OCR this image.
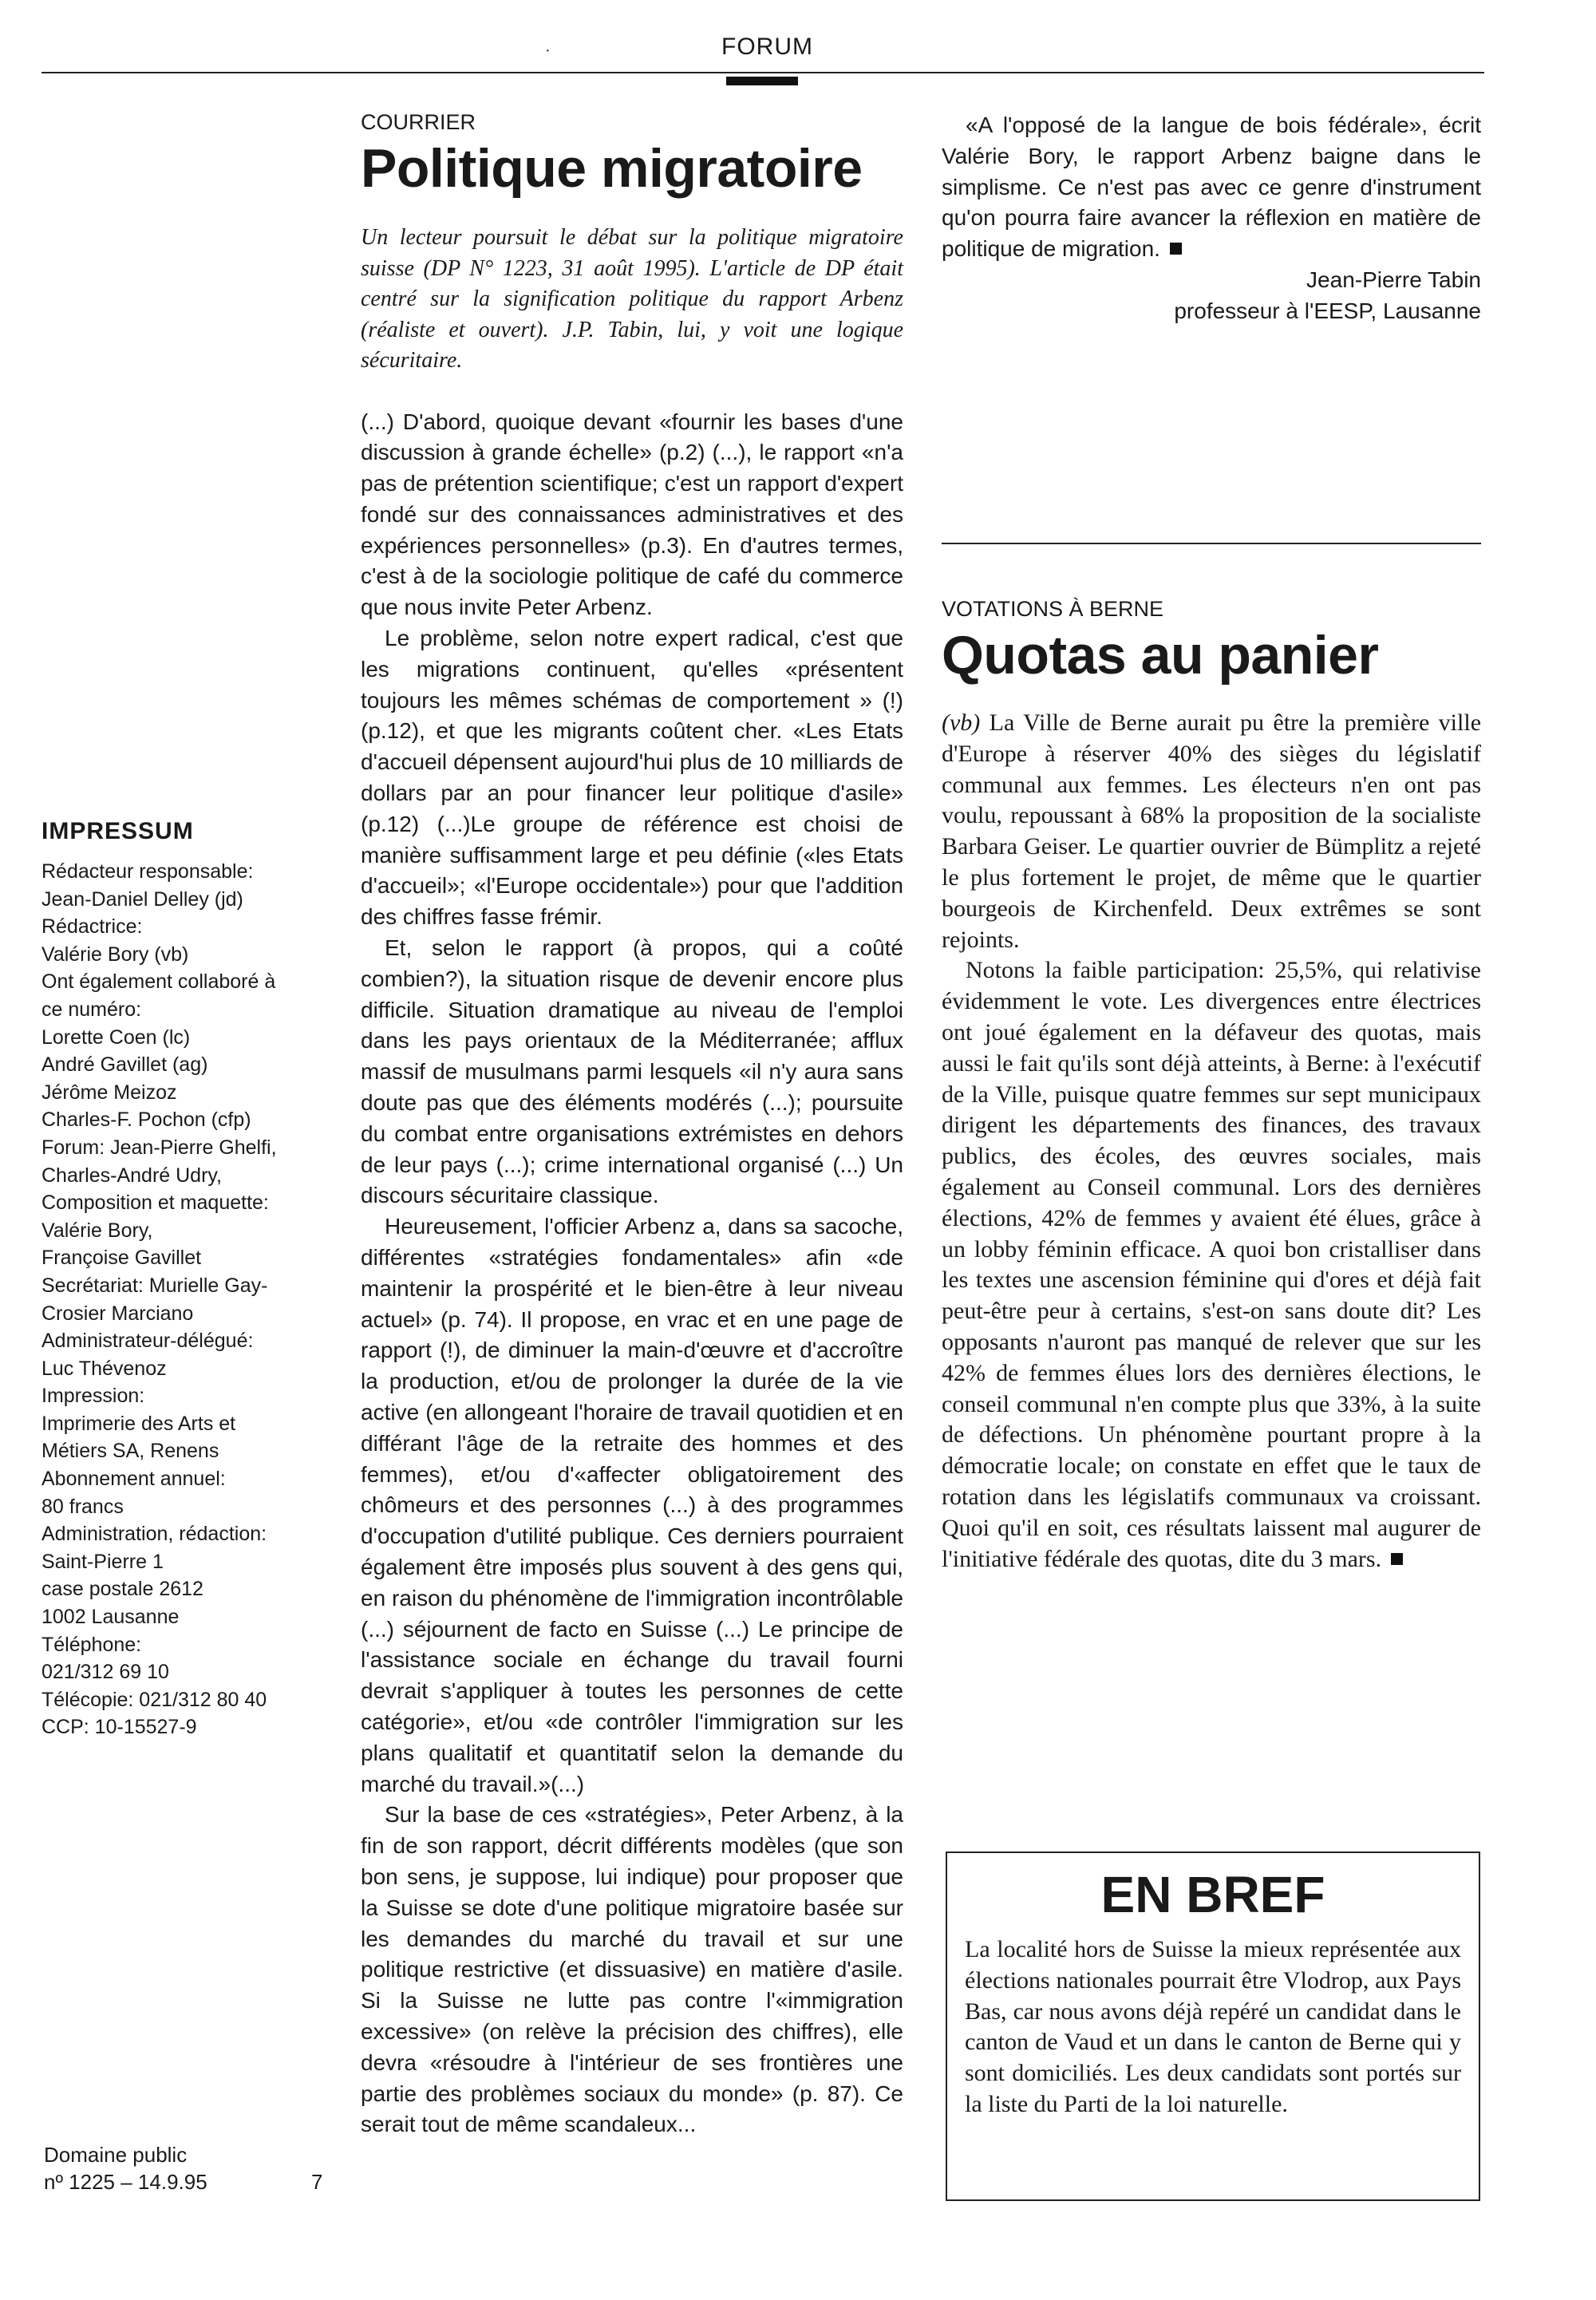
·	FORUM
IMPRESSUM
Rédacteur responsable:
Jean-Daniel Delley (jd)
Rédactrice:
Valérie Bory (vb)
Ont également collaboré à
ce numéro:
Lorette Coen (lc)
André Gavillet (ag)
Jérôme Meizoz
Charles-F. Pochon (cfp)
Forum: Jean-Pierre Ghelfi,
Charles-André Udry,
Composition et maquette:
Valérie Bory,
Françoise Gavillet
Secrétariat: Murielle Gay-
Crosier Marciano
Administrateur-délégué:
Luc Thévenoz
Impression:
Imprimerie des Arts et
Métiers SA, Renens
Abonnement annuel:
80 francs
Administration, rédaction:
Saint-Pierre 1
case postale 2612
1002 Lausanne
Téléphone:
021/312 69 10
Télécopie: 021/312 80 40
CCP: 10-15527-9
Domaine public
nº 1225 – 14.9.95	7
COURRIER
Politique migratoire

Un lecteur poursuit le débat sur la politique migratoire suisse (DP N° 1223, 31 août 1995). L'article de DP était centré sur la signification politique du rapport Arbenz (réaliste et ouvert). J.P. Tabin, lui, y voit une logique sécuritaire.

(...) D'abord, quoique devant «fournir les bases d'une discussion à grande échelle» (p.2) (...), le rapport «n'a pas de prétention scientifique; c'est un rapport d'expert fondé sur des connaissances administratives et des expériences personnelles» (p.3). En d'autres termes, c'est à de la sociologie politique de café du commerce que nous invite Peter Arbenz.

Le problème, selon notre expert radical, c'est que les migrations continuent, qu'elles «présentent toujours les mêmes schémas de comportement » (!) (p.12), et que les migrants coûtent cher. «Les Etats d'accueil dépensent aujourd'hui plus de 10 milliards de dollars par an pour financer leur politique d'asile» (p.12) (...)Le groupe de référence est choisi de manière suffisamment large et peu définie («les Etats d'accueil»; «l'Europe occidentale») pour que l'addition des chiffres fasse frémir.

Et, selon le rapport (à propos, qui a coûté combien?), la situation risque de devenir encore plus difficile. Situation dramatique au niveau de l'emploi dans les pays orientaux de la Méditerranée; afflux massif de musulmans parmi lesquels «il n'y aura sans doute pas que des éléments modérés (...); poursuite du combat entre organisations extrémistes en dehors de leur pays (...); crime international organisé (...) Un discours sécuritaire classique.

Heureusement, l'officier Arbenz a, dans sa sacoche, différentes «stratégies fondamentales» afin «de maintenir la prospérité et le bien-être à leur niveau actuel» (p. 74). Il propose, en vrac et en une page de rapport (!), de diminuer la main-d'œuvre et d'accroître la production, et/ou de prolonger la durée de la vie active (en allongeant l'horaire de travail quotidien et en différant l'âge de la retraite des hommes et des femmes), et/ou d'«affecter obligatoirement des chômeurs et des personnes (...) à des programmes d'occupation d'utilité publique. Ces derniers pourraient également être imposés plus souvent à des gens qui, en raison du phénomène de l'immigration incontrôlable (...) séjournent de facto en Suisse (...) Le principe de l'assistance sociale en échange du travail fourni devrait s'appliquer à toutes les personnes de cette catégorie», et/ou «de contrôler l'immigration sur les plans qualitatif et quantitatif selon la demande du marché du travail.»(...)

Sur la base de ces «stratégies», Peter Arbenz, à la fin de son rapport, décrit différents modèles (que son bon sens, je suppose, lui indique) pour proposer que la Suisse se dote d'une politique migratoire basée sur les demandes du marché du travail et sur une politique restrictive (et dissuasive) en matière d'asile. Si la Suisse ne lutte pas contre l'«immigration excessive» (on relève la précision des chiffres), elle devra «résoudre à l'intérieur de ses frontières une partie des problèmes sociaux du monde» (p. 87). Ce serait tout de même scandaleux...

«A l'opposé de la langue de bois fédérale», écrit Valérie Bory, le rapport Arbenz baigne dans le simplisme. Ce n'est pas avec ce genre d'instrument qu'on pourra faire avancer la réflexion en matière de politique de migration.

Jean-Pierre Tabin

professeur à l'EESP, Lausanne

VOTATIONS À BERNE
Quotas au panier

(vb) La Ville de Berne aurait pu être la première ville d'Europe à réserver 40% des sièges du législatif communal aux femmes. Les électeurs n'en ont pas voulu, repoussant à 68% la proposition de la socialiste Barbara Geiser. Le quartier ouvrier de Bümplitz a rejeté le plus fortement le projet, de même que le quartier bourgeois de Kirchenfeld. Deux extrêmes se sont rejoints.

Notons la faible participation: 25,5%, qui relativise évidemment le vote. Les divergences entre électrices ont joué également en la défaveur des quotas, mais aussi le fait qu'ils sont déjà atteints, à Berne: à l'exécutif de la Ville, puisque quatre femmes sur sept municipaux dirigent les départements des finances, des travaux publics, des écoles, des œuvres sociales, mais également au Conseil communal. Lors des dernières élections, 42% de femmes y avaient été élues, grâce à un lobby féminin efficace. A quoi bon cristalliser dans les textes une ascension féminine qui d'ores et déjà fait peut-être peur à certains, s'est-on sans doute dit? Les opposants n'auront pas manqué de relever que sur les 42% de femmes élues lors des dernières élections, le conseil communal n'en compte plus que 33%, à la suite de défections. Un phénomène pourtant propre à la démocratie locale; on constate en effet que le taux de rotation dans les législatifs communaux va croissant. Quoi qu'il en soit, ces résultats laissent mal augurer de l'initiative fédérale des quotas, dite du 3 mars.

EN BREF

La localité hors de Suisse la mieux représentée aux élections nationales pourrait être Vlodrop, aux Pays Bas, car nous avons déjà repéré un candidat dans le canton de Vaud et un dans le canton de Berne qui y sont domiciliés. Les deux candidats sont portés sur la liste du Parti de la loi naturelle.
